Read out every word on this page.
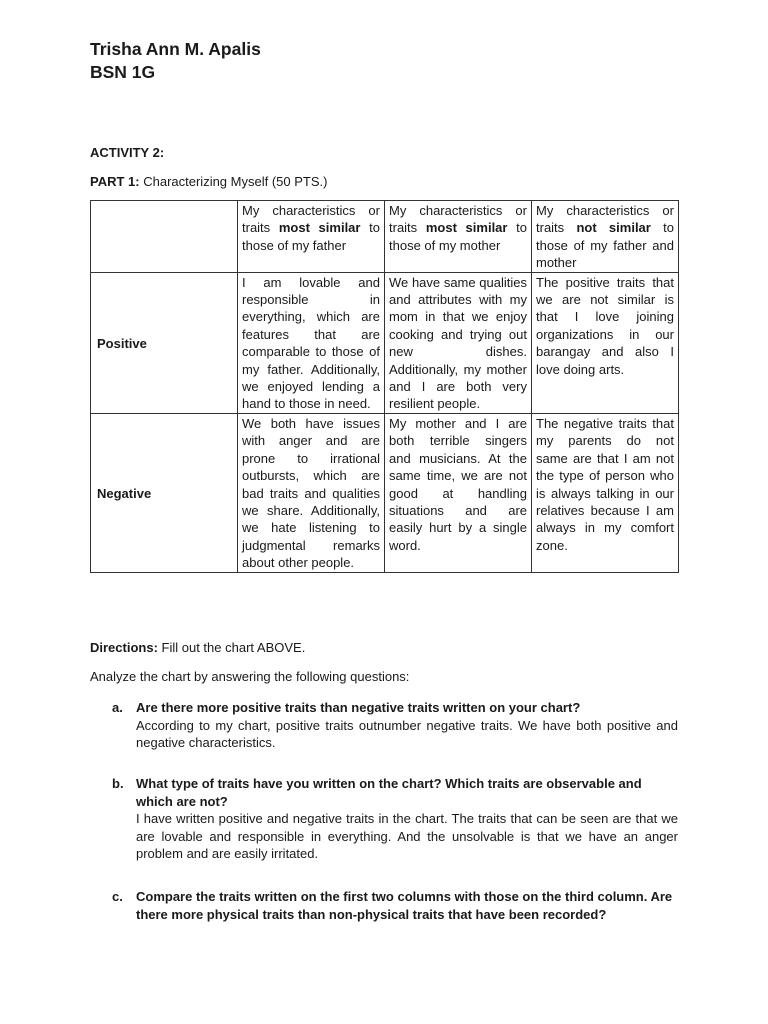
Trisha Ann M. Apalis
BSN 1G
ACTIVITY 2:
PART 1: Characterizing Myself (50 PTS.)
	My characteristics or traits most similar to those of my father	My characteristics or traits most similar to those of my mother	My characteristics or traits not similar to those of my father and mother
Positive	I am lovable and responsible in everything, which are features that are comparable to those of my father. Additionally, we enjoyed lending a hand to those in need.	We have same qualities and attributes with my mom in that we enjoy cooking and trying out new dishes. Additionally, my mother and I are both very resilient people.	The positive traits that we are not similar is that I love joining organizations in our barangay and also I love doing arts.
Negative	We both have issues with anger and are prone to irrational outbursts, which are bad traits and qualities we share. Additionally, we hate listening to judgmental remarks about other people.	My mother and I are both terrible singers and musicians. At the same time, we are not good at handling situations and are easily hurt by a single word.	The negative traits that my parents do not same are that I am not the type of person who is always talking in our relatives because I am always in my comfort zone.
Directions: Fill out the chart ABOVE.
Analyze the chart by answering the following questions:
a. Are there more positive traits than negative traits written on your chart?
According to my chart, positive traits outnumber negative traits. We have both positive and negative characteristics.
b. What type of traits have you written on the chart? Which traits are observable and which are not?
I have written positive and negative traits in the chart. The traits that can be seen are that we are lovable and responsible in everything. And the unsolvable is that we have an anger problem and are easily irritated.
c. Compare the traits written on the first two columns with those on the third column. Are there more physical traits than non-physical traits that have been recorded?
